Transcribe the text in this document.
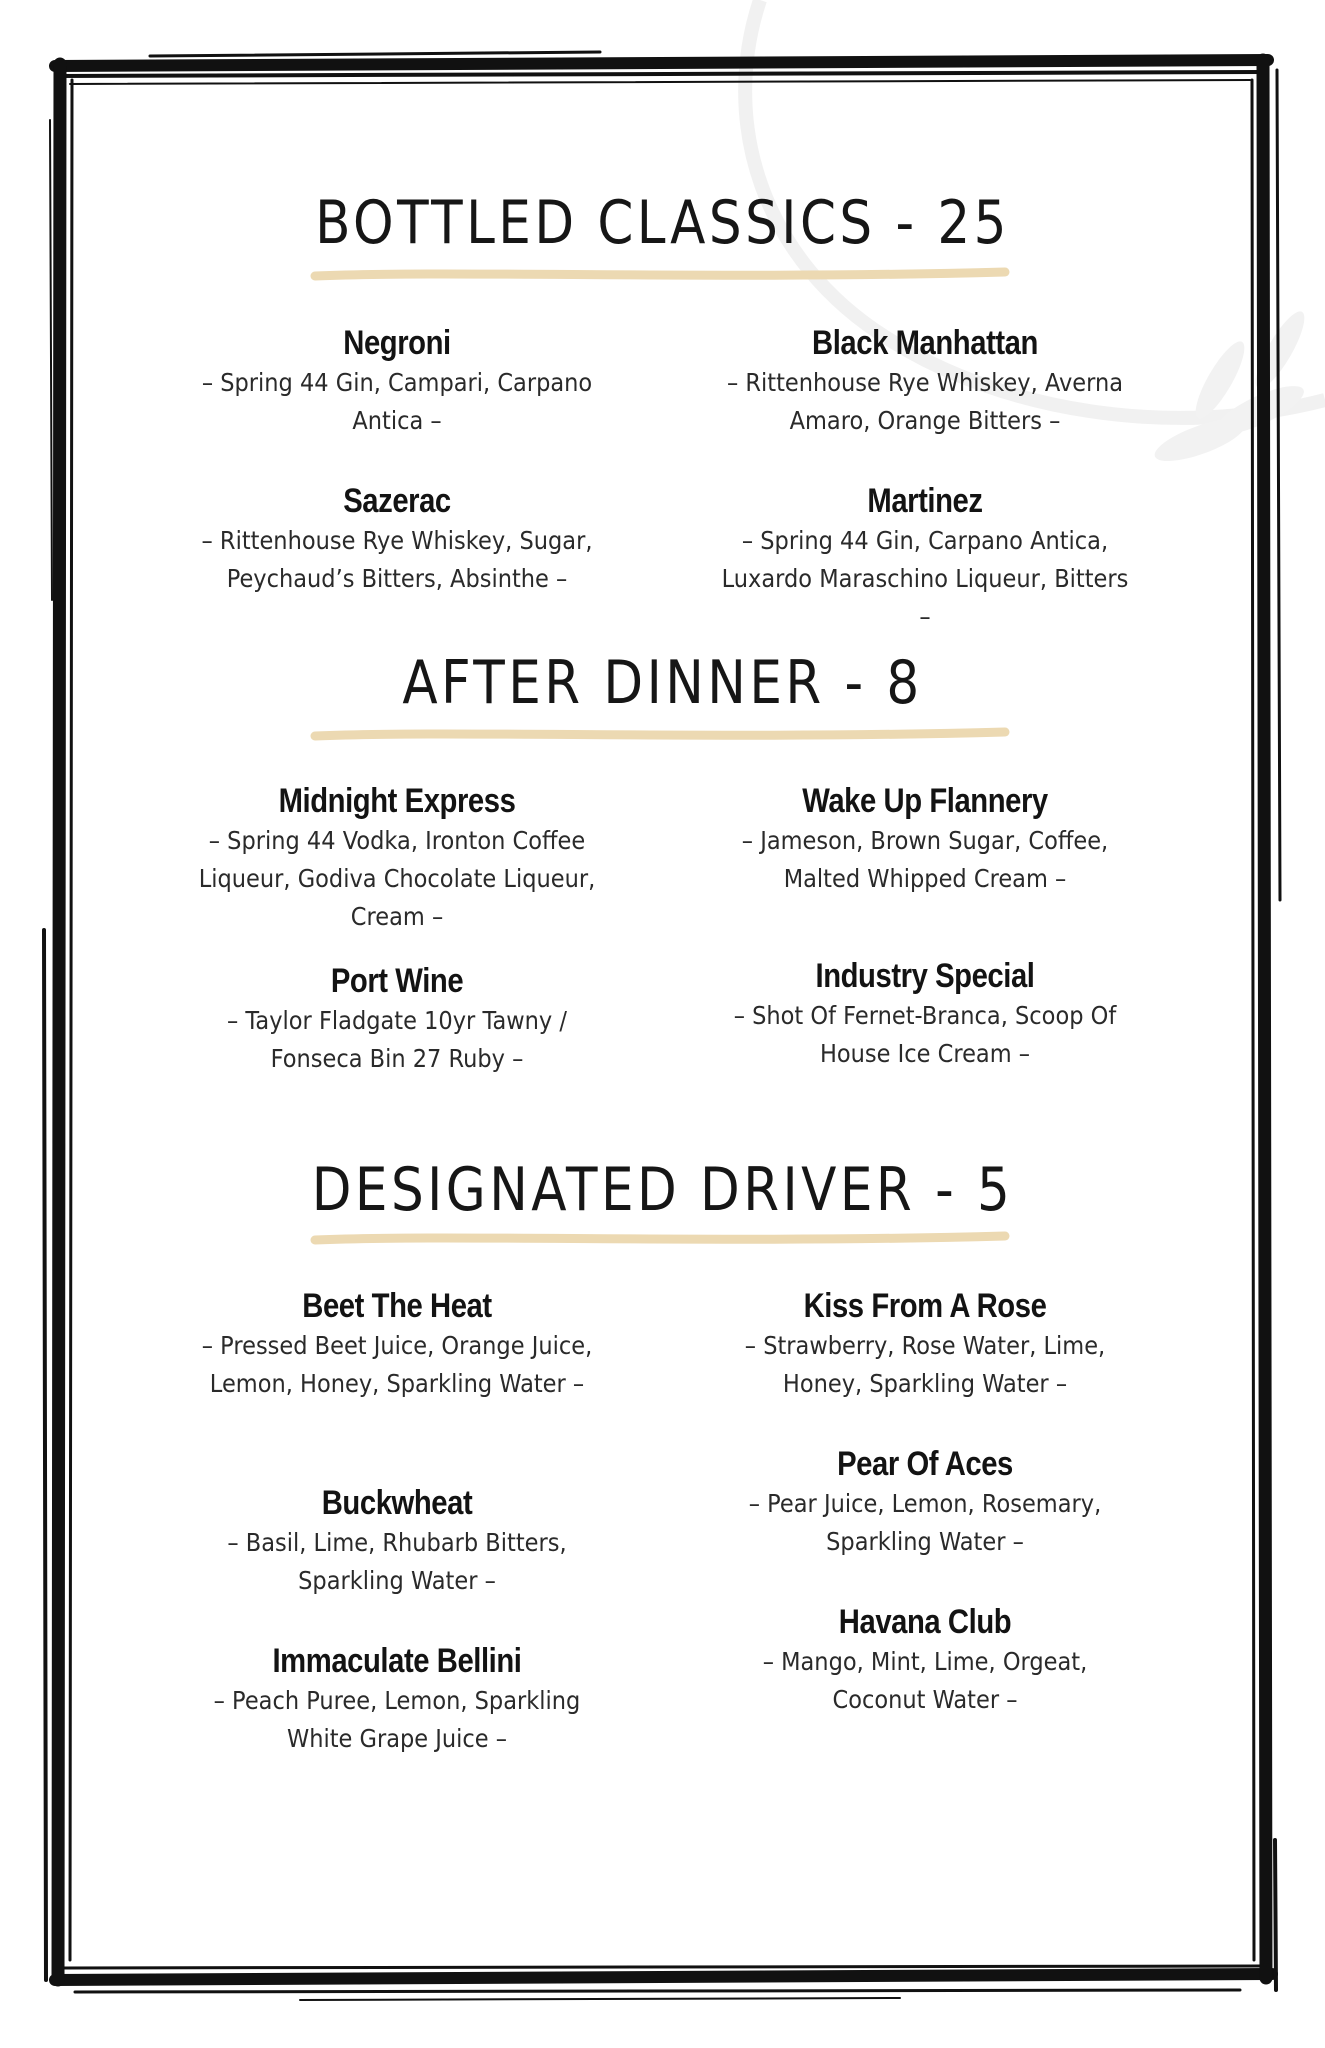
BOTTLED CLASSICS - 25
Negroni
– Spring 44 Gin, Campari, Carpano Antica –
Black Manhattan
– Rittenhouse Rye Whiskey, Averna Amaro, Orange Bitters –
Sazerac
– Rittenhouse Rye Whiskey, Sugar, Peychaud’s Bitters, Absinthe –
Martinez
– Spring 44 Gin, Carpano Antica, Luxardo Maraschino Liqueur, Bitters –
AFTER DINNER - 8
Midnight Express
– Spring 44 Vodka, Ironton Coffee Liqueur, Godiva Chocolate Liqueur, Cream –
Wake Up Flannery
– Jameson, Brown Sugar, Coffee, Malted Whipped Cream –
Port Wine
– Taylor Fladgate 10yr Tawny / Fonseca Bin 27 Ruby –
Industry Special
– Shot Of Fernet-Branca, Scoop Of House Ice Cream –
DESIGNATED DRIVER - 5
Beet The Heat
– Pressed Beet Juice, Orange Juice, Lemon, Honey, Sparkling Water –
Kiss From A Rose
– Strawberry, Rose Water, Lime, Honey, Sparkling Water –
Buckwheat
– Basil, Lime, Rhubarb Bitters, Sparkling Water –
Pear Of Aces
– Pear Juice, Lemon, Rosemary, Sparkling Water –
Immaculate Bellini
– Peach Puree, Lemon, Sparkling White Grape Juice –
Havana Club
– Mango, Mint, Lime, Orgeat, Coconut Water –
